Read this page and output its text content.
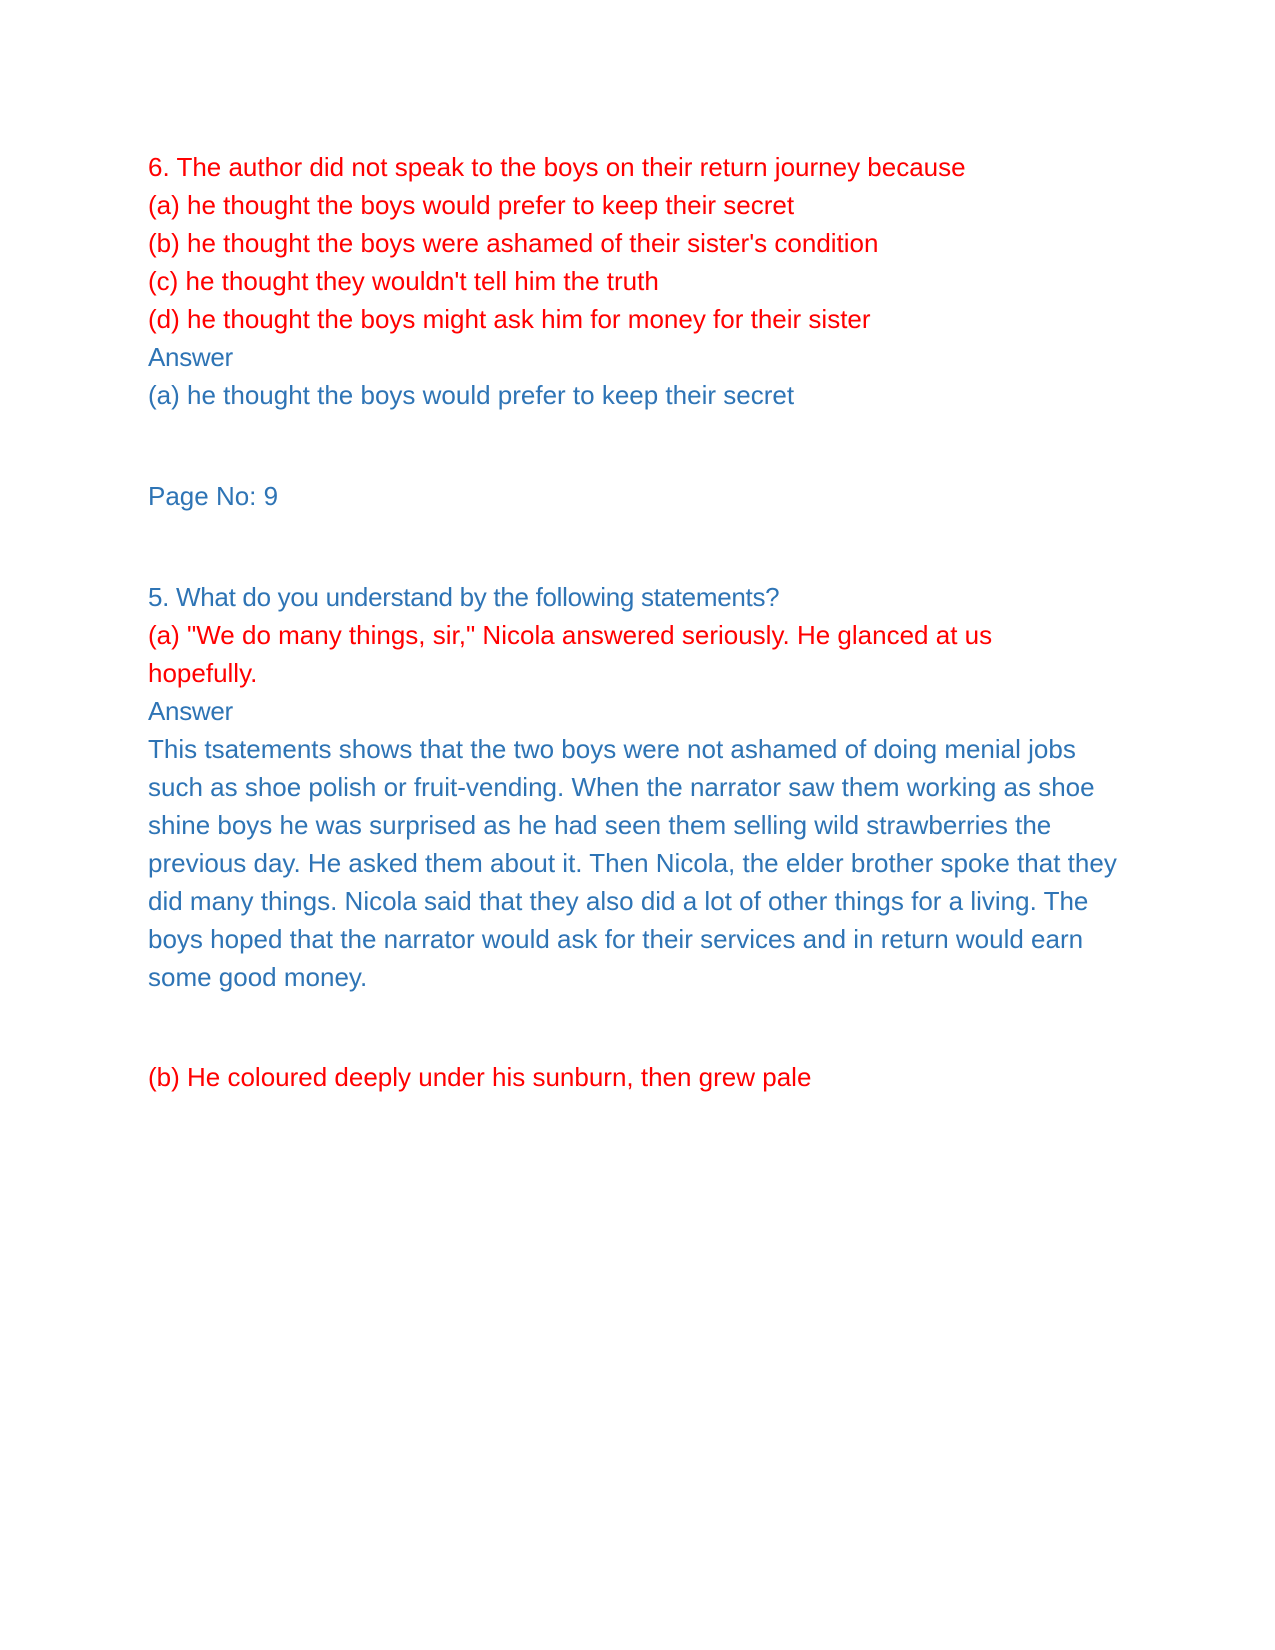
6. The author did not speak to the boys on their return journey because
(a) he thought the boys would prefer to keep their secret
(b) he thought the boys were ashamed of their sister's condition
(c) he thought they wouldn't tell him the truth
(d) he thought the boys might ask him for money for their sister
Answer
(a) he thought the boys would prefer to keep their secret
Page No: 9
5. What do you understand by the following statements?
(a) "We do many things, sir," Nicola answered seriously. He glanced at us hopefully.
Answer
This tsatements shows that the two boys were not ashamed of doing menial jobs such as shoe polish or fruit-vending. When the narrator saw them working as shoe shine boys he was surprised as he had seen them selling wild strawberries the previous day. He asked them about it. Then Nicola, the elder brother spoke that they did many things. Nicola said that they also did a lot of other things for a living. The boys hoped that the narrator would ask for their services and in return would earn some good money.
(b) He coloured deeply under his sunburn, then grew pale
